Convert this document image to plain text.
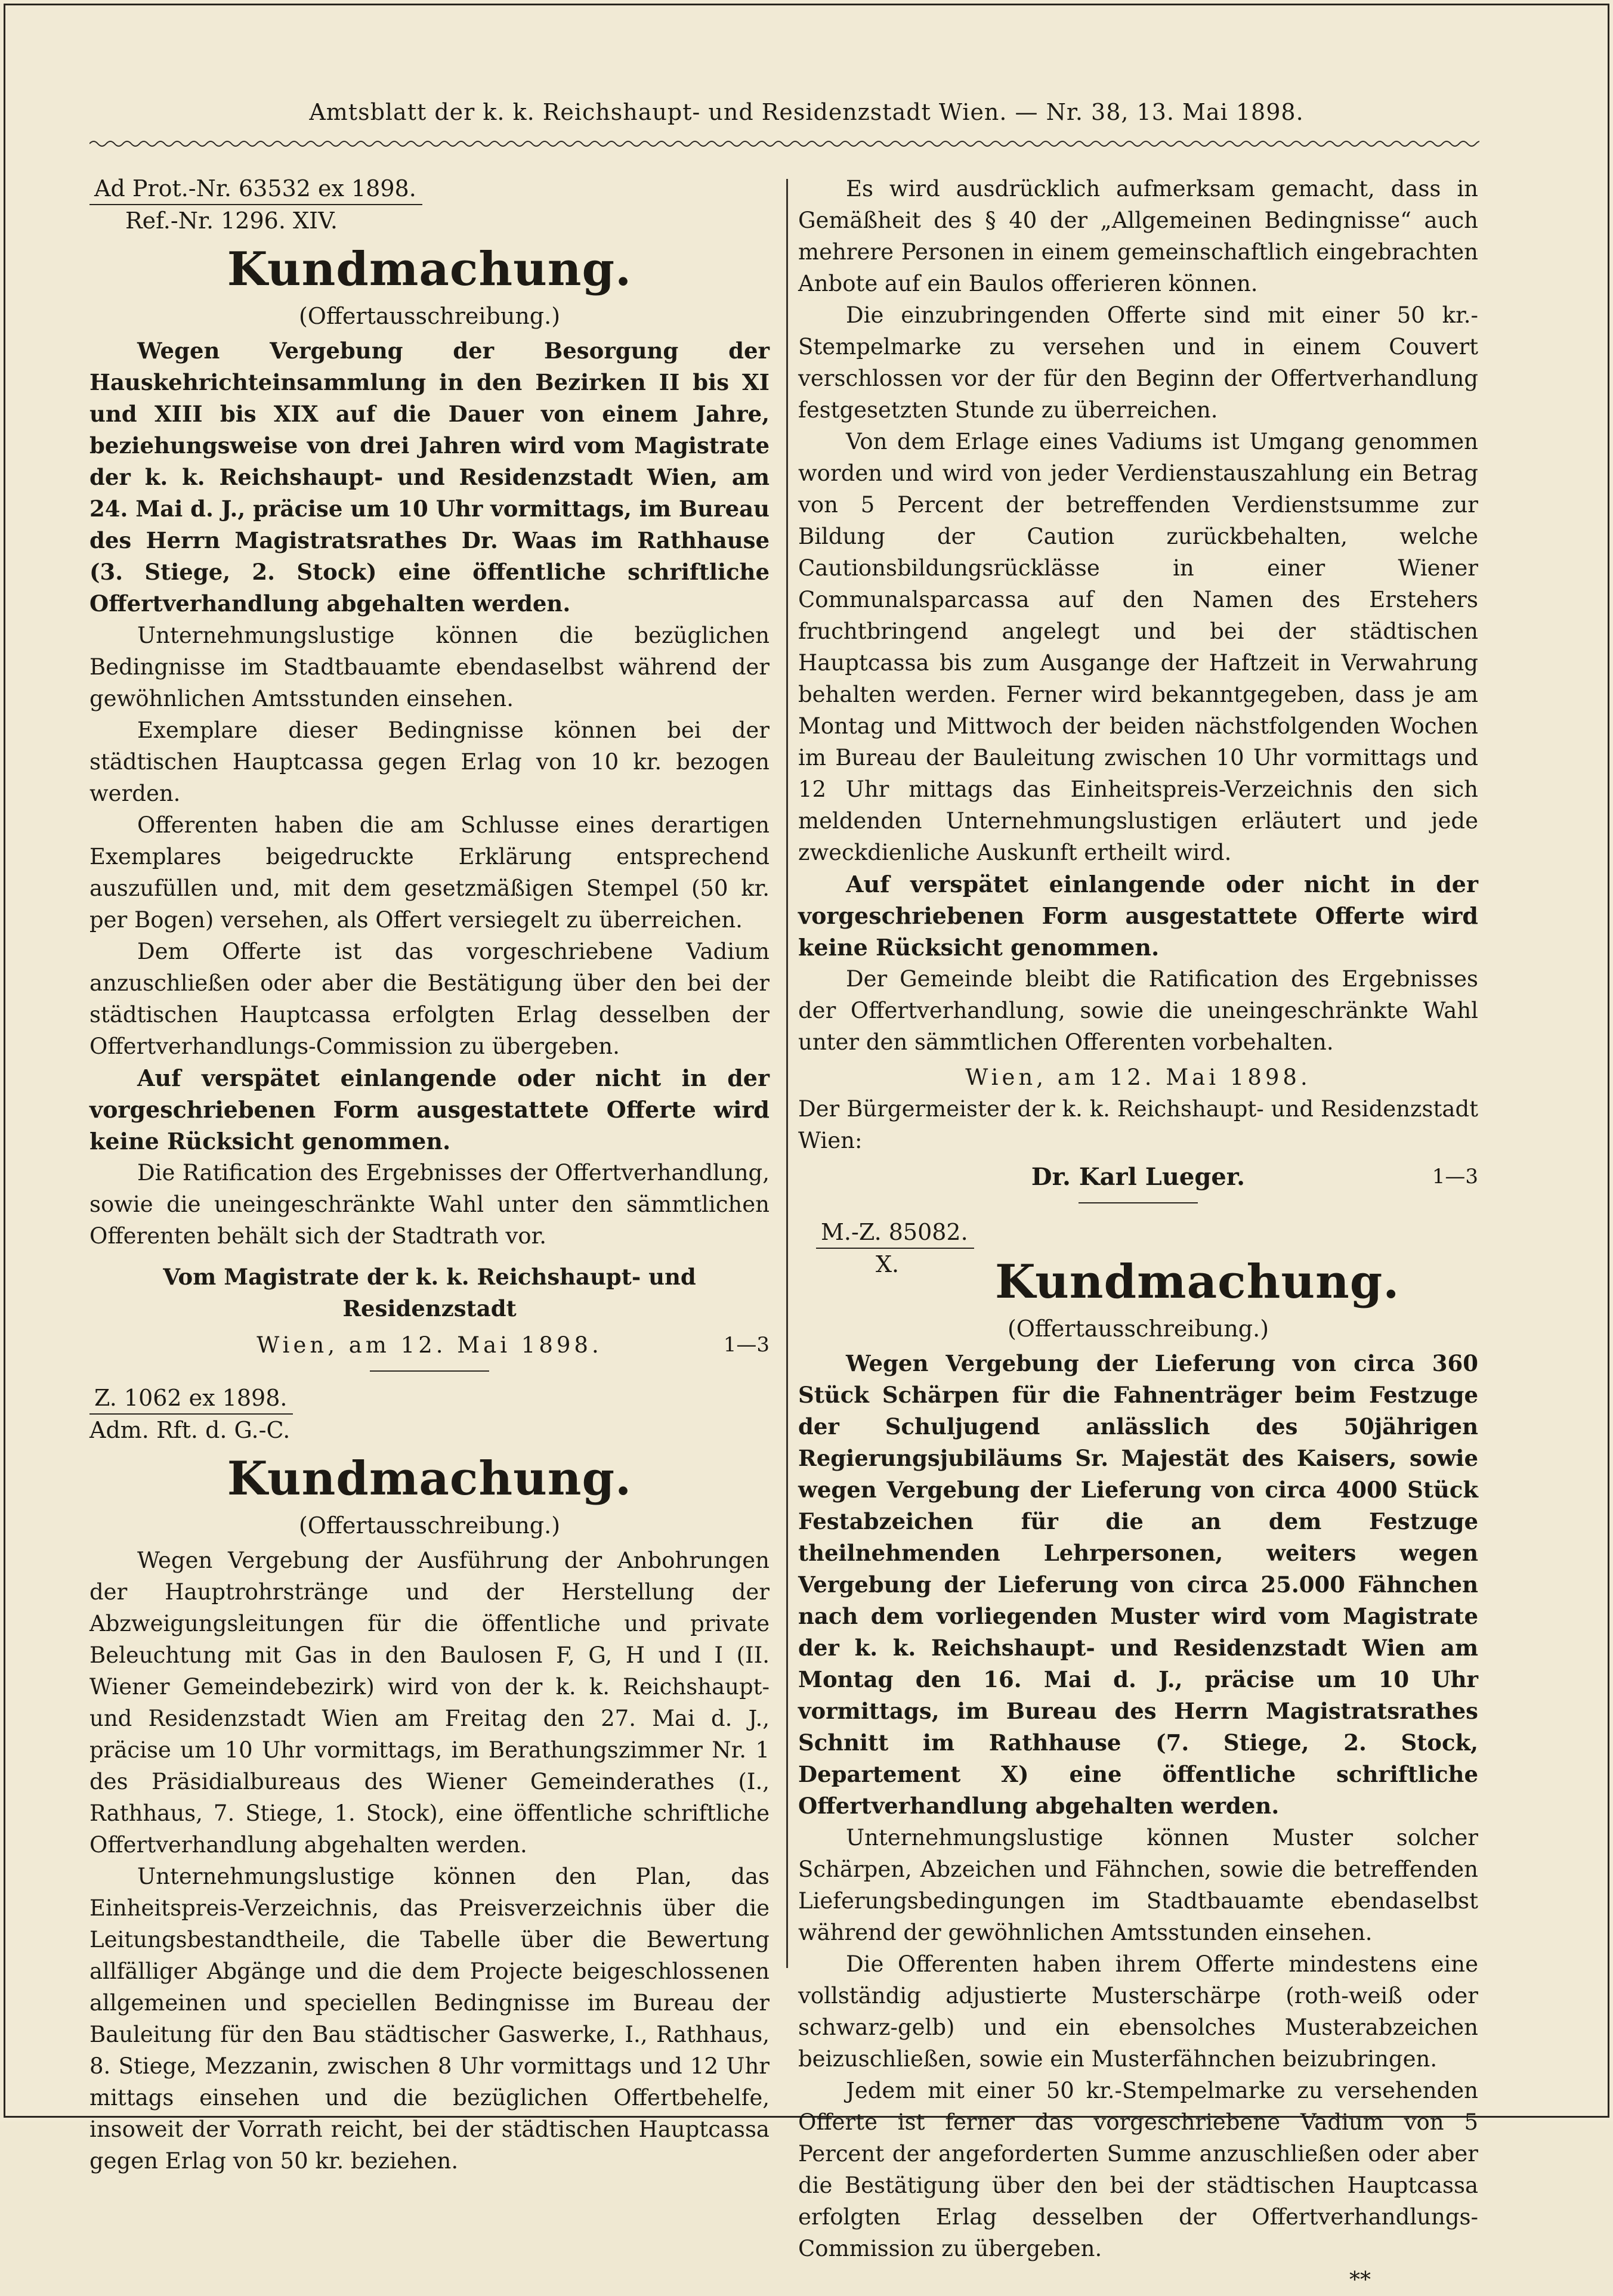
Amtsblatt der k. k. Reichshaupt- und Residenzstadt Wien. — Nr. 38, 13. Mai 1898.
Ad Prot.-Nr. 63532 ex 1898.
Ref.-Nr. 1296. XIV.
Kundmachung.
(Offertausschreibung.)

Wegen Vergebung der Besorgung der Hauskehrichteinsammlung in den Bezirken II bis XI und XIII bis XIX auf die Dauer von einem Jahre, beziehungsweise von drei Jahren wird vom Magistrate der k. k. Reichshaupt- und Residenzstadt Wien, am 24. Mai d. J., präcise um 10 Uhr vormittags, im Bureau des Herrn Magistratsrathes Dr. Waas im Rathhause (3. Stiege, 2. Stock) eine öffentliche schriftliche Offertverhandlung abgehalten werden.

Unternehmungslustige können die bezüglichen Bedingnisse im Stadtbauamte ebendaselbst während der gewöhnlichen Amtsstunden einsehen.

Exemplare dieser Bedingnisse können bei der städtischen Hauptcassa gegen Erlag von 10 kr. bezogen werden.

Offerenten haben die am Schlusse eines derartigen Exemplares beigedruckte Erklärung entsprechend auszufüllen und, mit dem gesetzmäßigen Stempel (50 kr. per Bogen) versehen, als Offert versiegelt zu überreichen.

Dem Offerte ist das vorgeschriebene Vadium anzuschließen oder aber die Bestätigung über den bei der städtischen Hauptcassa erfolgten Erlag desselben der Offertverhandlungs-Commission zu übergeben.

Auf verspätet einlangende oder nicht in der vorgeschriebenen Form ausgestattete Offerte wird keine Rücksicht genommen.

Die Ratification des Ergebnisses der Offertverhandlung, sowie die uneingeschränkte Wahl unter den sämmtlichen Offerenten behält sich der Stadtrath vor.

Vom Magistrate der k. k. Reichshaupt- und Residenzstadt

Wien, am 12. Mai 1898.	1—3
Z. 1062 ex 1898.
Adm. Rft. d. G.-C.
Kundmachung.
(Offertausschreibung.)

Wegen Vergebung der Ausführung der Anbohrungen der Hauptrohrstränge und der Herstellung der Abzweigungsleitungen für die öffentliche und private Beleuchtung mit Gas in den Baulosen F, G, H und I (II. Wiener Gemeindebezirk) wird von der k. k. Reichshaupt- und Residenzstadt Wien am Freitag den 27. Mai d. J., präcise um 10 Uhr vormittags, im Berathungszimmer Nr. 1 des Präsidialbureaus des Wiener Gemeinderathes (I., Rathhaus, 7. Stiege, 1. Stock), eine öffentliche schriftliche Offertverhandlung abgehalten werden.

Unternehmungslustige können den Plan, das Einheitspreis-Verzeichnis, das Preisverzeichnis über die Leitungsbestandtheile, die Tabelle über die Bewertung allfälliger Abgänge und die dem Projecte beigeschlossenen allgemeinen und speciellen Bedingnisse im Bureau der Bauleitung für den Bau städtischer Gaswerke, I., Rathhaus, 8. Stiege, Mezzanin, zwischen 8 Uhr vormittags und 12 Uhr mittags einsehen und die bezüglichen Offertbehelfe, insoweit der Vorrath reicht, bei der städtischen Hauptcassa gegen Erlag von 50 kr. beziehen.

Es wird ausdrücklich aufmerksam gemacht, dass in Gemäßheit des § 40 der „Allgemeinen Bedingnisse“ auch mehrere Personen in einem gemeinschaftlich eingebrachten Anbote auf ein Baulos offerieren können.

Die einzubringenden Offerte sind mit einer 50 kr.-Stempelmarke zu versehen und in einem Couvert verschlossen vor der für den Beginn der Offertverhandlung festgesetzten Stunde zu überreichen.

Von dem Erlage eines Vadiums ist Umgang genommen worden und wird von jeder Verdienstauszahlung ein Betrag von 5 Percent der betreffenden Verdienstsumme zur Bildung der Caution zurückbehalten, welche Cautionsbildungsrücklässe in einer Wiener Communalsparcassa auf den Namen des Erstehers fruchtbringend angelegt und bei der städtischen Hauptcassa bis zum Ausgange der Haftzeit in Verwahrung behalten werden. Ferner wird bekanntgegeben, dass je am Montag und Mittwoch der beiden nächstfolgenden Wochen im Bureau der Bauleitung zwischen 10 Uhr vormittags und 12 Uhr mittags das Einheitspreis-Verzeichnis den sich meldenden Unternehmungslustigen erläutert und jede zweckdienliche Auskunft ertheilt wird.

Auf verspätet einlangende oder nicht in der vorgeschriebenen Form ausgestattete Offerte wird keine Rücksicht genommen.

Der Gemeinde bleibt die Ratification des Ergebnisses der Offertverhandlung, sowie die uneingeschränkte Wahl unter den sämmtlichen Offerenten vorbehalten.

Wien, am 12. Mai 1898.

Der Bürgermeister der k. k. Reichshaupt- und Residenzstadt Wien:

Dr. Karl Lueger.	1—3
M.-Z. 85082.
X.	Kundmachung.
(Offertausschreibung.)

Wegen Vergebung der Lieferung von circa 360 Stück Schärpen für die Fahnenträger beim Festzuge der Schuljugend anlässlich des 50jährigen Regierungsjubiläums Sr. Majestät des Kaisers, sowie wegen Vergebung der Lieferung von circa 4000 Stück Festabzeichen für die an dem Festzuge theilnehmenden Lehrpersonen, weiters wegen Vergebung der Lieferung von circa 25.000 Fähnchen nach dem vorliegenden Muster wird vom Magistrate der k. k. Reichshaupt- und Residenzstadt Wien am Montag den 16. Mai d. J., präcise um 10 Uhr vormittags, im Bureau des Herrn Magistratsrathes Schnitt im Rathhause (7. Stiege, 2. Stock, Departement X) eine öffentliche schriftliche Offertverhandlung abgehalten werden.

Unternehmungslustige können Muster solcher Schärpen, Abzeichen und Fähnchen, sowie die betreffenden Lieferungsbedingungen im Stadtbauamte ebendaselbst während der gewöhnlichen Amtsstunden einsehen.

Die Offerenten haben ihrem Offerte mindestens eine vollständig adjustierte Musterschärpe (roth-weiß oder schwarz-gelb) und ein ebensolches Musterabzeichen beizuschließen, sowie ein Musterfähnchen beizubringen.

Jedem mit einer 50 kr.-Stempelmarke zu versehenden Offerte ist ferner das vorgeschriebene Vadium von 5 Percent der angeforderten Summe anzuschließen oder aber die Bestätigung über den bei der städtischen Hauptcassa erfolgten Erlag desselben der Offertverhandlungs-Commission zu übergeben.

**
